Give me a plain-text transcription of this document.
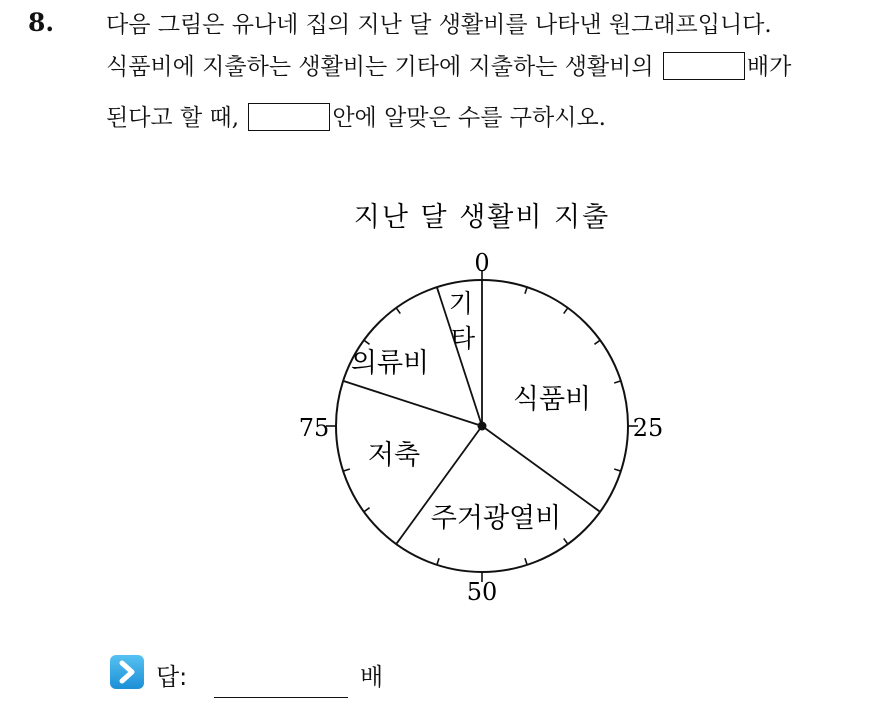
8. 다음 그림은 유나네 집의 지난 달 생활비를 나타낸 원그래프입니다.
식품비에 지출하는 생활비는 기타에 지출하는 생활비의	배가
된다고 할 때,	안에 알맞은 수를 구하시오.
지난 달 생활비 지출
0
25
50
75
식품비
주거광열비
저축
의류비
기
타
답:	배
